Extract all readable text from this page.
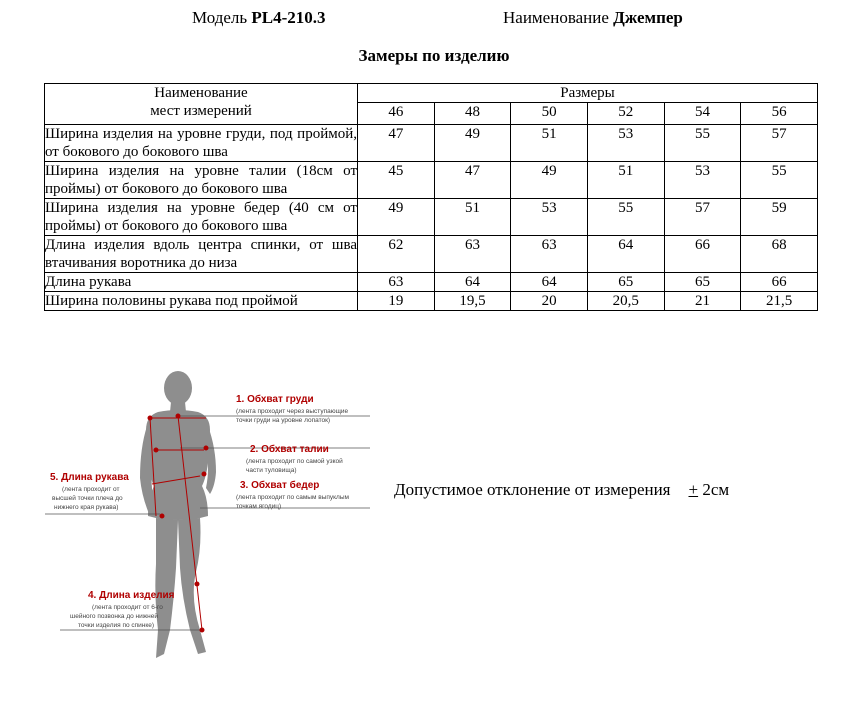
Модель PL4-210.3	Наименование Джемпер
Замеры по изделию
Наименование
мест измерений	Размеры					
	46	48	50	52	54	56
Ширина изделия на уровне груди, под проймой, от бокового до бокового шва	47	49	51	53	55	57
Ширина изделия на уровне талии (18см от проймы) от бокового до бокового шва	45	47	49	51	53	55
Ширина изделия на уровне бедер (40 см от проймы) от бокового до бокового шва	49	51	53	55	57	59
Длина изделия вдоль центра спинки, от шва втачивания воротника до низа	62	63	63	64	66	68
Длина рукава	63	64	64	65	65	66
Ширина половины рукава под проймой	19	19,5	20	20,5	21	21,5
1. Обхват груди
(лента проходит через выступающие
точки груди на уровне лопаток)
2. Обхват талии
(лента проходит по самой узкой
части туловища)
3. Обхват бедер
(лента проходит по самым выпуклым
точкам ягодиц)
4. Длина изделия
(лента проходит от 6-го
шейного позвонка до нижней
точки изделия по спинке)
5. Длина рукава
(лента проходит от
высшей точки плеча до
нижнего края рукава)
Допустимое отклонение от измерения + 2см
